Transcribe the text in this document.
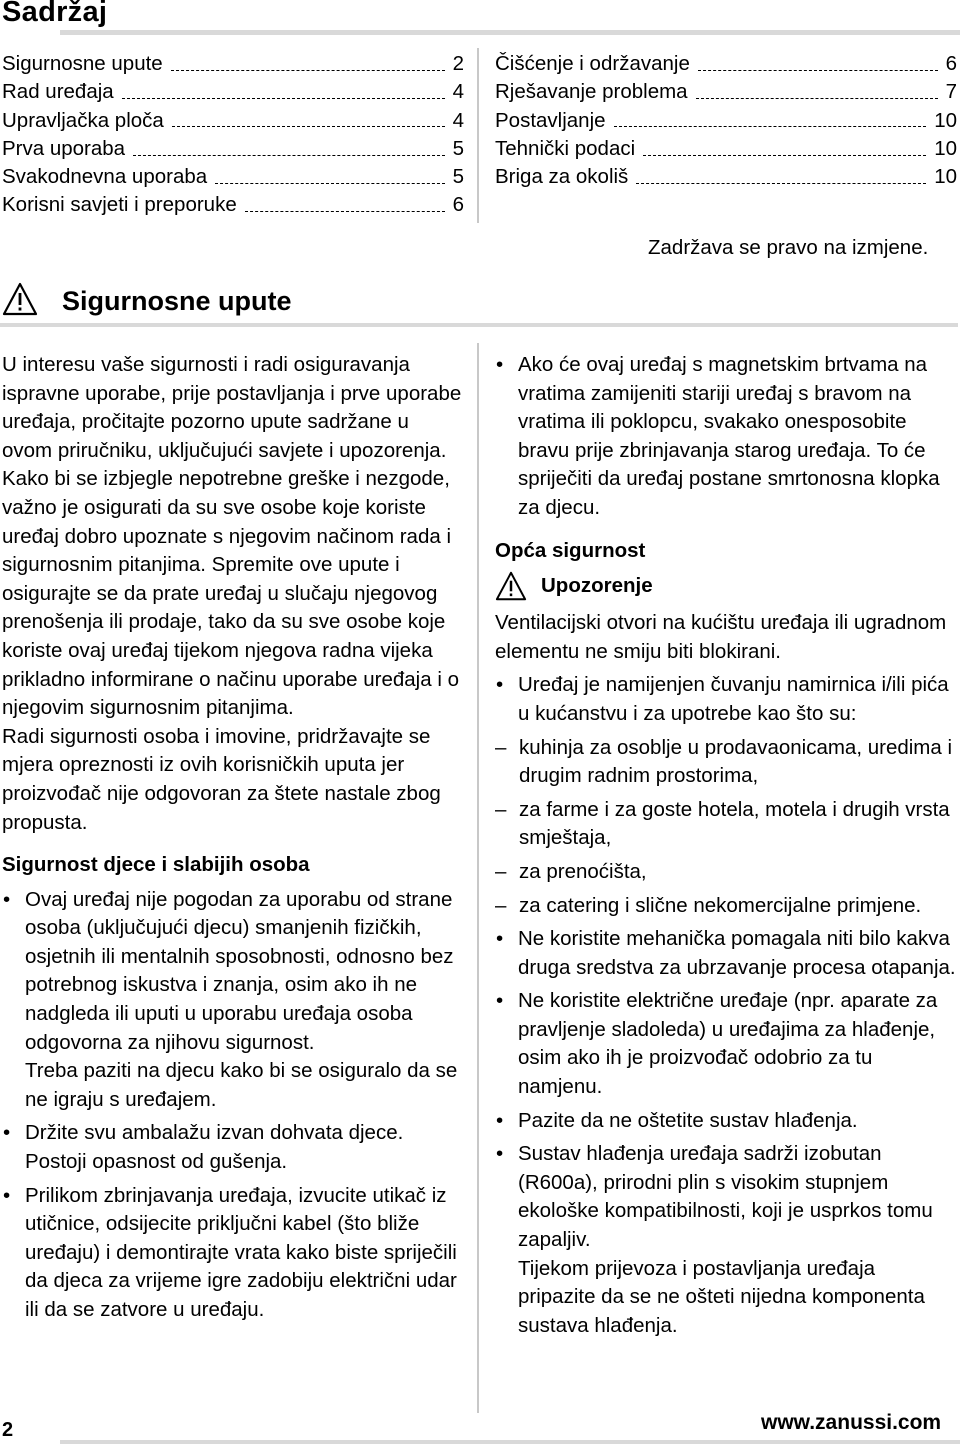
Sadržaj
Sigurnosne upute	2
Rad uređaja	4
Upravljačka ploča	4
Prva uporaba	5
Svakodnevna uporaba	5
Korisni savjeti i preporuke	6
Čišćenje i održavanje	6
Rješavanje problema	7
Postavljanje	10
Tehnički podaci	10
Briga za okoliš	10
Zadržava se pravo na izmjene.
Sigurnosne upute

U interesu vaše sigurnosti i radi osiguravanja ispravne uporabe, prije postavljanja i prve uporabe uređaja, pročitajte pozorno upute sadržane u ovom priručniku, uključujući savjete i upozorenja. Kako bi se izbjegle nepotrebne greške i nezgode, važno je osigurati da su sve osobe koje koriste uređaj dobro upoznate s njegovim načinom rada i sigurnosnim pitanjima. Spremite ove upute i osigurajte se da prate uređaj u slučaju njegovog prenošenja ili prodaje, tako da su sve osobe koje koriste ovaj uređaj tijekom njegova radna vijeka prikladno informirane o načinu uporabe uređaja i o njegovim sigurnosnim pitanjima.

Radi sigurnosti osoba i imovine, pridržavajte se mjera opreznosti iz ovih korisničkih uputa jer proizvođač nije odgovoran za štete nastale zbog propusta.

Sigurnost djece i slabijih osoba
• Ovaj uređaj nije pogodan za uporabu od strane osoba (uključujući djecu) smanjenih fizičkih, osjetnih ili mentalnih sposobnosti, odnosno bez potrebnog iskustva i znanja, osim ako ih ne nadgleda ili uputi u uporabu uređaja osoba odgovorna za njihovu sigurnost.
Treba paziti na djecu kako bi se osiguralo da se ne igraju s uređajem.
• Držite svu ambalažu izvan dohvata djece. Postoji opasnost od gušenja.
• Prilikom zbrinjavanja uređaja, izvucite utikač iz utičnice, odsijecite priključni kabel (što bliže uređaju) i demontirajte vrata kako biste spriječili da djeca za vrijeme igre zadobiju električni udar ili da se zatvore u uređaju.
• Ako će ovaj uređaj s magnetskim brtvama na vratima zamijeniti stariji uređaj s bravom na vratima ili poklopcu, svakako onesposobite bravu prije zbrinjavanja starog uređaja. To će spriječiti da uređaj postane smrtonosna klopka za djecu.
Opća sigurnost
Upozorenje

Ventilacijski otvori na kućištu uređaja ili ugradnom elementu ne smiju biti blokirani.

• Uređaj je namijenjen čuvanju namirnica i/ili pića u kućanstvu i za upotrebe kao što su:
– kuhinja za osoblje u prodavaonicama, uredima i drugim radnim prostorima,
– za farme i za goste hotela, motela i drugih vrsta smještaja,
– za prenoćišta,
– za catering i slične nekomercijalne primjene.
• Ne koristite mehanička pomagala niti bilo kakva druga sredstva za ubrzavanje procesa otapanja.
• Ne koristite električne uređaje (npr. aparate za pravljenje sladoleda) u uređajima za hlađenje, osim ako ih je proizvođač odobrio za tu namjenu.
• Pazite da ne oštetite sustav hlađenja.
• Sustav hlađenja uređaja sadrži izobutan (R600a), prirodni plin s visokim stupnjem ekološke kompatibilnosti, koji je usprkos tomu zapaljiv.
Tijekom prijevoza i postavljanja uređaja pripazite da se ne ošteti nijedna komponenta sustava hlađenja.
2	www.zanussi.com
